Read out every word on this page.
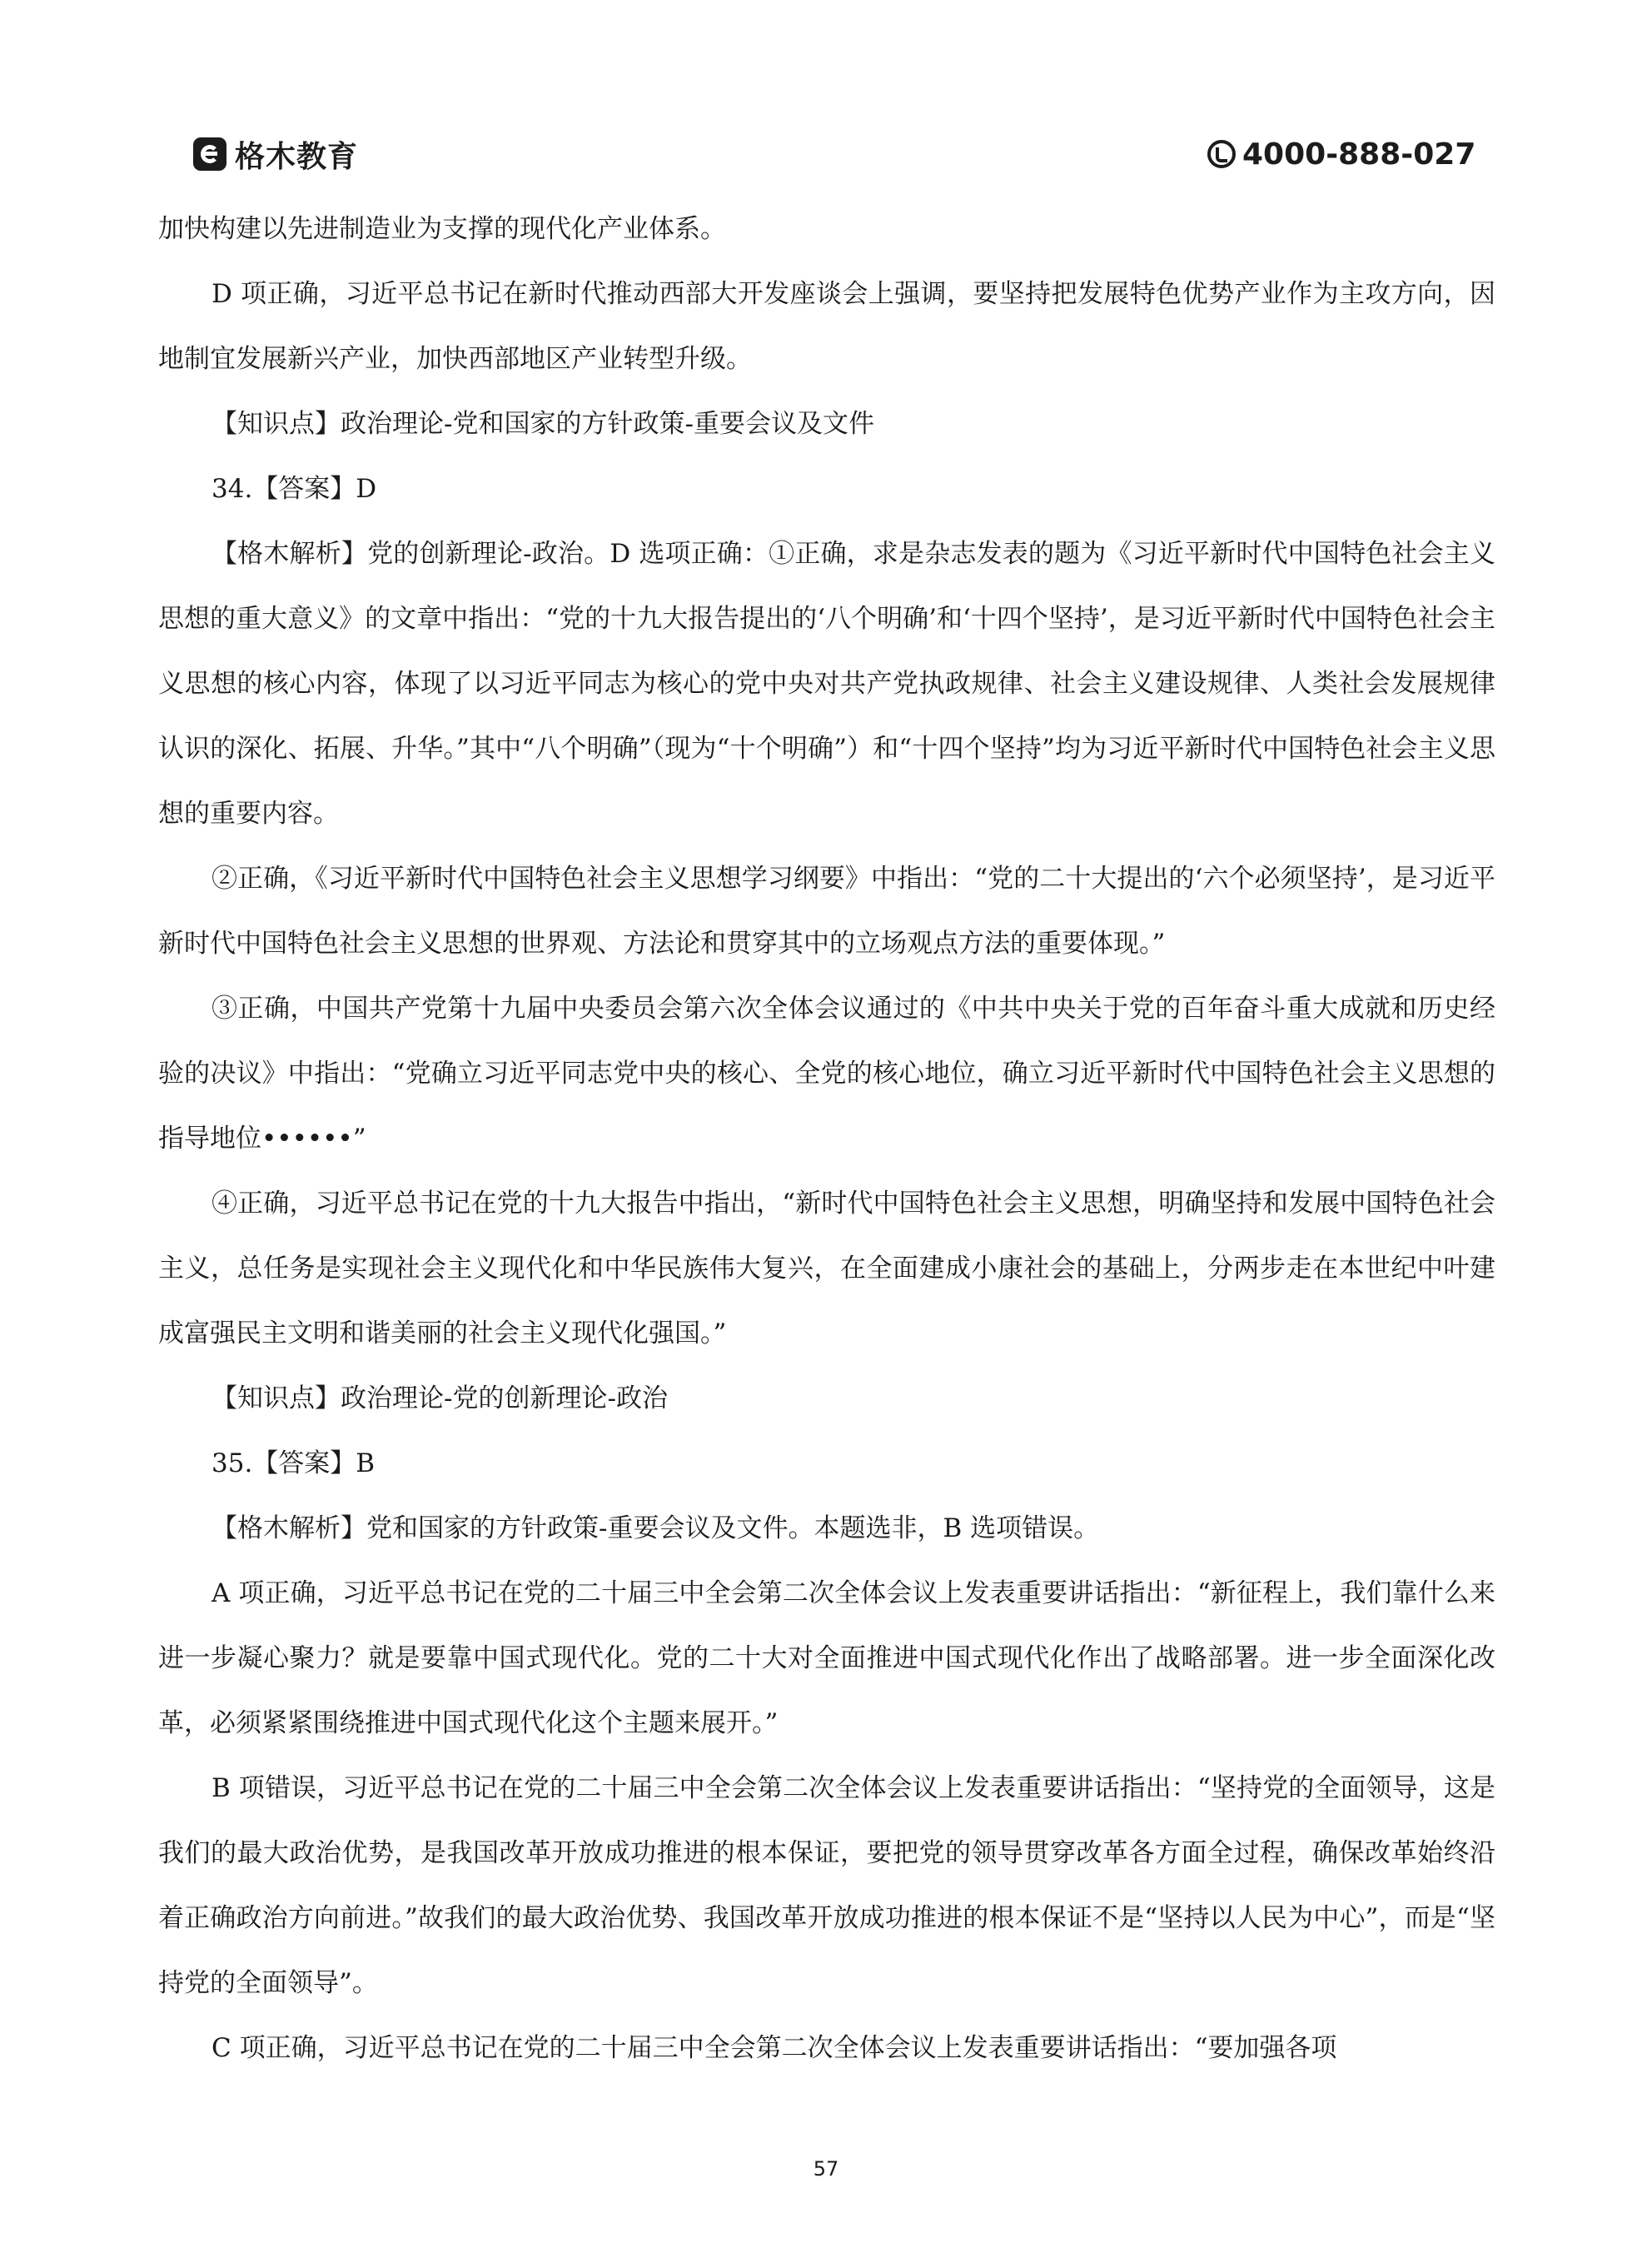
格木教育	4000-888-027

加快构建以先进制造业为支撑的现代化产业体系。

D 项正确，习近平总书记在新时代推动西部大开发座谈会上强调，要坚持把发展特色优势产业作为主攻方向，因地制宜发展新兴产业，加快西部地区产业转型升级。

【知识点】政治理论-党和国家的方针政策-重要会议及文件

34.【答案】D

【格木解析】党的创新理论-政治。D 选项正确：①正确，求是杂志发表的题为《习近平新时代中国特色社会主义思想的重大意义》的文章中指出：“党的十九大报告提出的‘八个明确’和‘十四个坚持’，是习近平新时代中国特色社会主义思想的核心内容，体现了以习近平同志为核心的党中央对共产党执政规律、社会主义建设规律、人类社会发展规律认识的深化、拓展、升华。”其中“八个明确”（现为“十个明确”）和“十四个坚持”均为习近平新时代中国特色社会主义思想的重要内容。

②正确，《习近平新时代中国特色社会主义思想学习纲要》中指出：“党的二十大提出的‘六个必须坚持’，是习近平新时代中国特色社会主义思想的世界观、方法论和贯穿其中的立场观点方法的重要体现。”

③正确，中国共产党第十九届中央委员会第六次全体会议通过的《中共中央关于党的百年奋斗重大成就和历史经验的决议》中指出：“党确立习近平同志党中央的核心、全党的核心地位，确立习近平新时代中国特色社会主义思想的指导地位••••••”

④正确，习近平总书记在党的十九大报告中指出，“新时代中国特色社会主义思想，明确坚持和发展中国特色社会主义，总任务是实现社会主义现代化和中华民族伟大复兴，在全面建成小康社会的基础上，分两步走在本世纪中叶建成富强民主文明和谐美丽的社会主义现代化强国。”

【知识点】政治理论-党的创新理论-政治

35.【答案】B

【格木解析】党和国家的方针政策-重要会议及文件。本题选非，B 选项错误。

A 项正确，习近平总书记在党的二十届三中全会第二次全体会议上发表重要讲话指出：“新征程上，我们靠什么来进一步凝心聚力？就是要靠中国式现代化。党的二十大对全面推进中国式现代化作出了战略部署。进一步全面深化改革，必须紧紧围绕推进中国式现代化这个主题来展开。”

B 项错误，习近平总书记在党的二十届三中全会第二次全体会议上发表重要讲话指出：“坚持党的全面领导，这是我们的最大政治优势，是我国改革开放成功推进的根本保证，要把党的领导贯穿改革各方面全过程，确保改革始终沿着正确政治方向前进。”故我们的最大政治优势、我国改革开放成功推进的根本保证不是“坚持以人民为中心”，而是“坚持党的全面领导”。

C 项正确，习近平总书记在党的二十届三中全会第二次全体会议上发表重要讲话指出：“要加强各项

57
